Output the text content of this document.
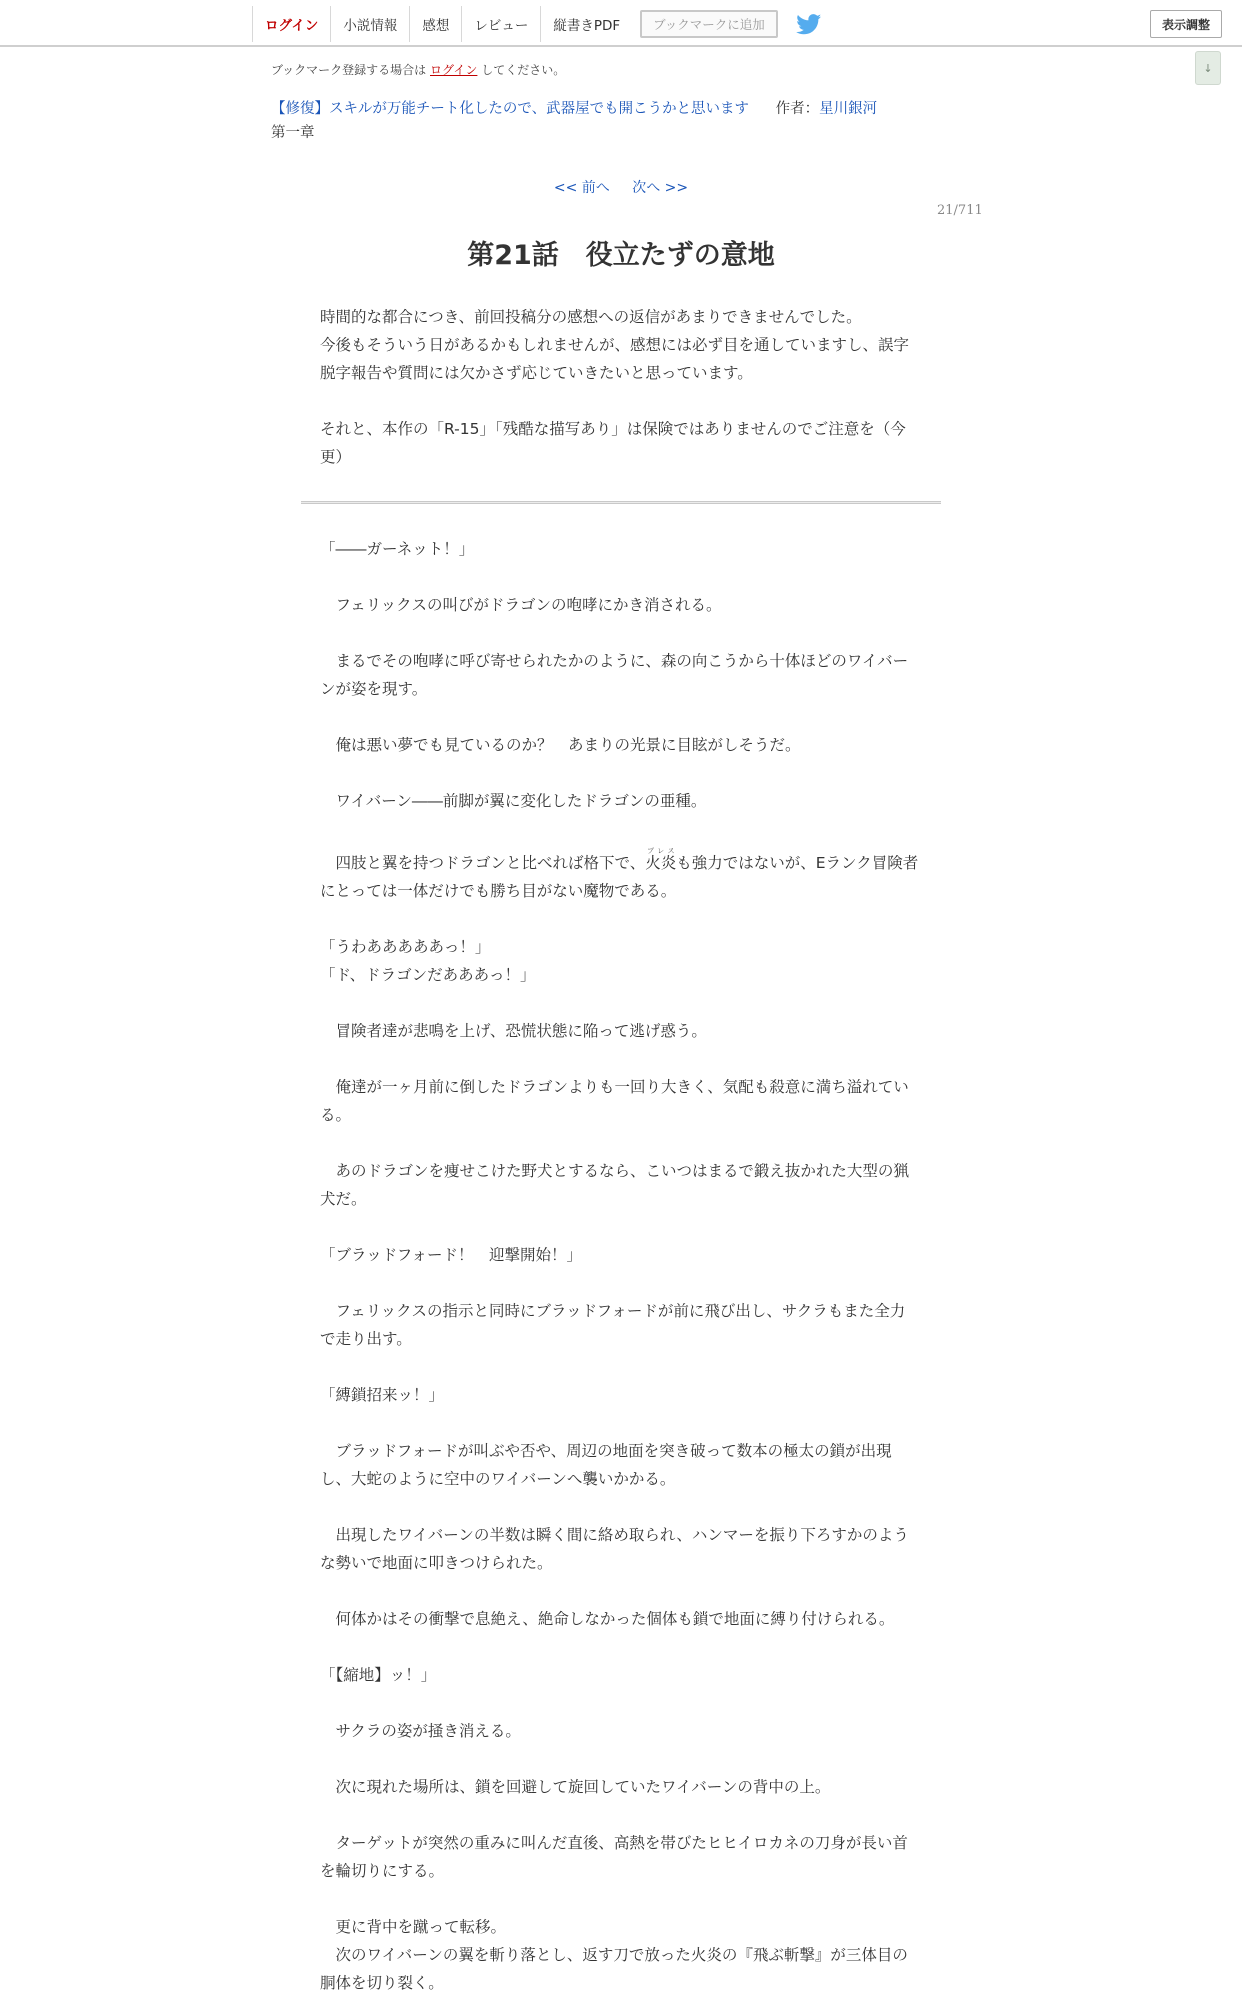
ログイン	小説情報	感想	レビュー	縦書きPDF	ブックマークに追加	表示調整
↓
ブックマーク登録する場合は ログイン してください。
【修復】スキルが万能チート化したので、武器屋でも開こうかと思います 作者：星川銀河
第一章
<< 前へ 次へ >>
21/711
第21話　役立たずの意地

時間的な都合につき、前回投稿分の感想への返信があまりできませんでした。

今後もそういう日があるかもしれませんが、感想には必ず目を通していますし、誤字脱字報告や質問には欠かさず応じていきたいと思っています。

それと、本作の「R-15」「残酷な描写あり」は保険ではありませんのでご注意を（今更）

「――ガーネット！」

　フェリックスの叫びがドラゴンの咆哮にかき消される。

　まるでその咆哮に呼び寄せられたかのように、森の向こうから十体ほどのワイバーンが姿を現す。

　俺は悪い夢でも見ているのか？　あまりの光景に目眩がしそうだ。

　ワイバーン――前脚が翼に変化したドラゴンの亜種。

　四肢と翼を持つドラゴンと比べれば格下で、火炎ブレスも強力ではないが、Eランク冒険者にとっては一体だけでも勝ち目がない魔物である。

「うわあああああっ！」

「ド、ドラゴンだあああっ！」

　冒険者達が悲鳴を上げ、恐慌状態に陥って逃げ惑う。

　俺達が一ヶ月前に倒したドラゴンよりも一回り大きく、気配も殺意に満ち溢れている。

　あのドラゴンを痩せこけた野犬とするなら、こいつはまるで鍛え抜かれた大型の猟犬だ。

「ブラッドフォード！　迎撃開始！」

　フェリックスの指示と同時にブラッドフォードが前に飛び出し、サクラもまた全力で走り出す。

「縛鎖招来ッ！」

　ブラッドフォードが叫ぶや否や、周辺の地面を突き破って数本の極太の鎖が出現し、大蛇のように空中のワイバーンへ襲いかかる。

　出現したワイバーンの半数は瞬く間に絡め取られ、ハンマーを振り下ろすかのような勢いで地面に叩きつけられた。

　何体かはその衝撃で息絶え、絶命しなかった個体も鎖で地面に縛り付けられる。

「【縮地】ッ！」

　サクラの姿が掻き消える。

　次に現れた場所は、鎖を回避して旋回していたワイバーンの背中の上。

　ターゲットが突然の重みに叫んだ直後、高熱を帯びたヒヒイロカネの刀身が長い首を輪切りにする。

　更に背中を蹴って転移。

　次のワイバーンの翼を斬り落とし、返す刀で放った火炎の『飛ぶ斬撃』が三体目の胴体を切り裂く。
